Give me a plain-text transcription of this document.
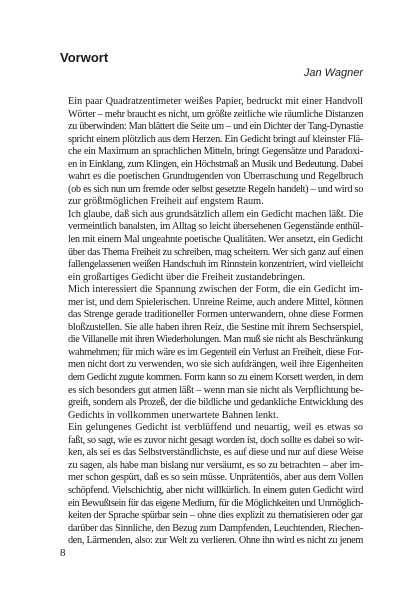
Vorwort

Jan Wagner

Ein paar Quadratzentimeter weißes Papier, bedruckt mit einer Handvoll
Wörter – mehr braucht es nicht, um größte zeitliche wie räumliche Distanzen
zu überwinden: Man blättert die Seite um – und ein Dichter der Tang-Dynastie
spricht einem plötzlich aus dem Herzen. Ein Gedicht bringt auf kleinster Flä-
che ein Maximum an sprachlichen Mitteln, bringt Gegensätze und Paradoxi-
en in Einklang, zum Klingen, ein Höchstmaß an Musik und Bedeutung. Dabei
wahrt es die poetischen Grundtugenden von Überraschung und Regelbruch
(ob es sich nun um fremde oder selbst gesetzte Regeln handelt) – und wird so
zur größtmöglichen Freiheit auf engstem Raum.

Ich glaube, daß sich aus grundsätzlich allem ein Gedicht machen läßt. Die
vermeintlich banalsten, im Alltag so leicht übersehenen Gegenstände enthül-
len mit einem Mal ungeahnte poetische Qualitäten. Wer ansetzt, ein Gedicht
über das Thema Freiheit zu schreiben, mag scheitern. Wer sich ganz auf einen
fallengelassenen weißen Handschuh im Rinnstein konzentriert, wird vielleicht
ein großartiges Gedicht über die Freiheit zustandebringen.

Mich interessiert die Spannung zwischen der Form, die ein Gedicht im-
mer ist, und dem Spielerischen. Unreine Reime, auch andere Mittel, können
das Strenge gerade traditioneller Formen unterwandern, ohne diese Formen
bloßzustellen. Sie alle haben ihren Reiz, die Sestine mit ihrem Sechserspiel,
die Villanelle mit ihren Wiederholungen. Man muß sie nicht als Beschränkung
wahrnehmen; für mich wäre es im Gegenteil ein Verlust an Freiheit, diese For-
men nicht dort zu verwenden, wo sie sich aufdrängen, weil ihre Eigenheiten
dem Gedicht zugute kommen. Form kann so zu einem Korsett werden, in dem
es sich besonders gut atmen läßt – wenn man sie nicht als Verpflichtung be-
greift, sondern als Prozeß, der die bildliche und gedankliche Entwicklung des
Gedichts in vollkommen unerwartete Bahnen lenkt.

Ein gelungenes Gedicht ist verblüffend und neuartig, weil es etwas so
faßt, so sagt, wie es zuvor nicht gesagt worden ist, doch sollte es dabei so wir-
ken, als sei es das Selbstverständlichste, es auf diese und nur auf diese Weise
zu sagen, als habe man bislang nur versäumt, es so zu betrachten – aber im-
mer schon gespürt, daß es so sein müsse. Unprätentiös, aber aus dem Vollen
schöpfend. Vielschichtig, aber nicht willkürlich. In einem guten Gedicht wird
ein Bewußtsein für das eigene Medium, für die Möglichkeiten und Unmöglich-
keiten der Sprache spürbar sein – ohne dies explizit zu thematisieren oder gar
darüber das Sinnliche, den Bezug zum Dampfenden, Leuchtenden, Riechen-
den, Lärmenden, also: zur Welt zu verlieren. Ohne ihn wird es nicht zu jenem

8
